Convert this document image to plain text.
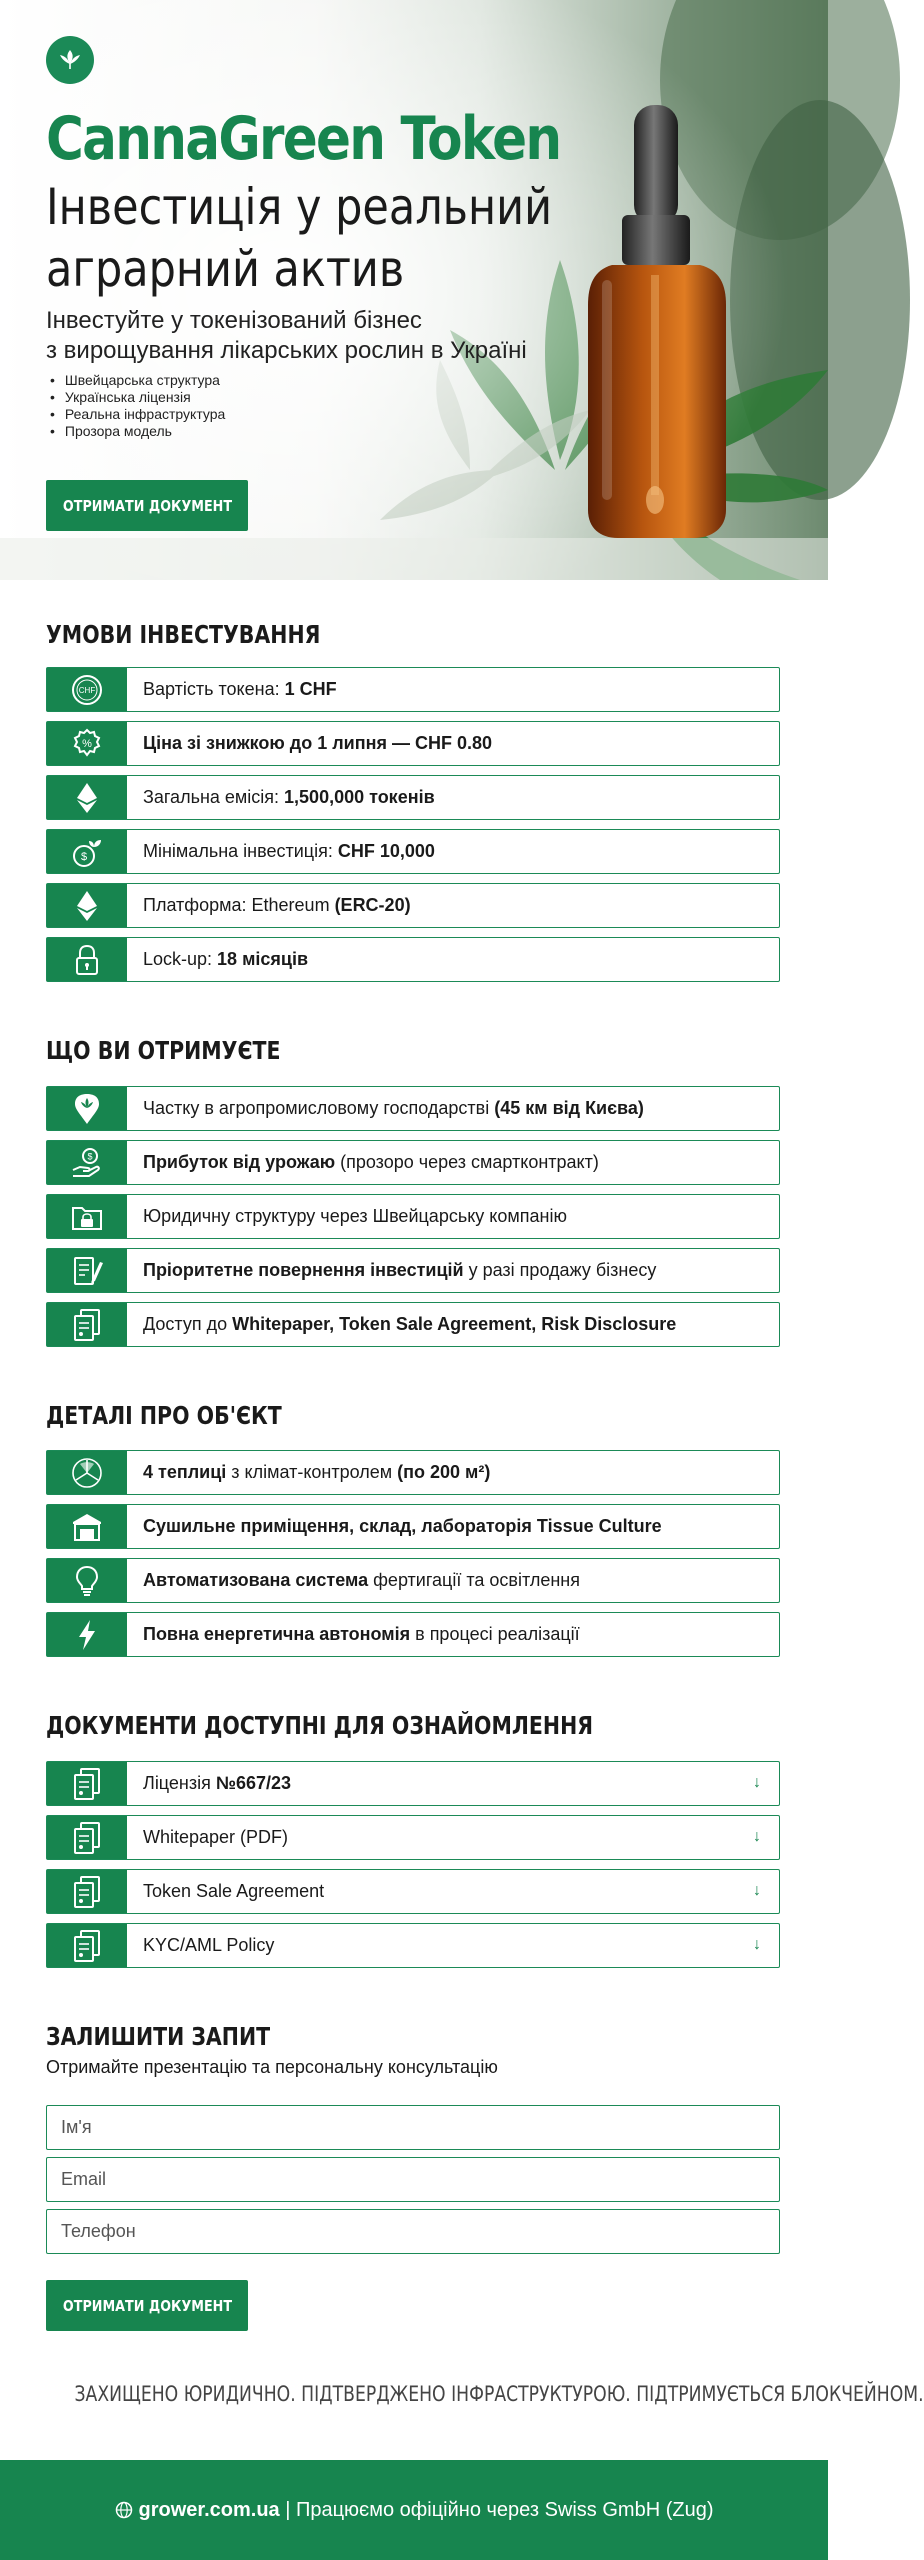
CannaGreen Token
Інвестиція у реальний
аграрний актив
Інвестуйте у токенізований бізнес
з вирощування лікарських рослин в Україні
• Швейцарська структура
• Українська ліцензія
• Реальна інфраструктура
• Прозора модель
ОТРИМАТИ ДОКУМЕНТ
УМОВИ ІНВЕСТУВАННЯ
CHF	Вартість токена: 1 CHF
%	Ціна зі знижкою до 1 липня — CHF 0.80
Загальна емісія: 1,500,000 токенів
$	Мінімальна інвестиція: CHF 10,000
Платформа: Ethereum (ERC-20)
Lock-up: 18 місяців
ЩО ВИ ОТРИМУЄТЕ
Частку в агропромисловому господарстві (45 км від Києва)
$	Прибуток від урожаю (прозоро через смартконтракт)
Юридичну структуру через Швейцарську компанію
Пріоритетне повернення інвестицій у разі продажу бізнесу
Доступ до Whitepaper, Token Sale Agreement, Risk Disclosure
ДЕТАЛІ ПРО ОБ'ЄКТ
4 теплиці з клімат-контролем (по 200 м²)
Сушильне приміщення, склад, лабораторія Tissue Culture
Автоматизована система фертигації та освітлення
Повна енергетична автономія в процесі реалізації
ДОКУМЕНТИ ДОСТУПНІ ДЛЯ ОЗНАЙОМЛЕННЯ
Ліцензія №667/23	↓
Whitepaper (PDF)	↓
Token Sale Agreement	↓
KYC/AML Policy	↓
ЗАЛИШИТИ ЗАПИТ

Отримайте презентацію та персональну консультацію

Ім'я
Email
Телефон
ОТРИМАТИ ДОКУМЕНТ
ЗАХИЩЕНО ЮРИДИЧНО. ПІДТВЕРДЖЕНО ІНФРАСТРУКТУРОЮ. ПІДТРИМУЄТЬСЯ БЛОКЧЕЙНОМ.
grower.com.ua | Працюємо офіційно через Swiss GmbH (Zug)
